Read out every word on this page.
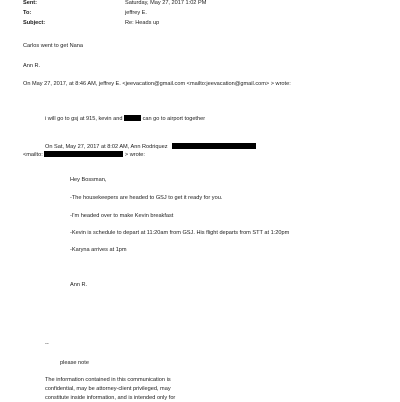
Sent:	Saturday, May 27, 2017 1:02 PM
To:	jeffrey E.
Subject:	Re: Heads up
Carlos went to get Nana
Ann R.
On May 27, 2017, at 8:46 AM, jeffrey E. <jeevacation@gmail.com <mailto:jeevacation@gmail.com> > wrote:
i will go to gsj at 915, kevin and	can go to airport together
On Sat, May 27, 2017 at 8:02 AM, Ann Rodriquez
<mailto:	> wrote:
Hey Bossman,
-The housekeepers are headed to GSJ to get it ready for you.
-I'm headed over to make Kevin breakfast
-Kevin is schedule to depart at 11:20am from GSJ. His flight departs from STT at 1:20pm
-Karyna arrives at 1pm
Ann R.
--
please note
The information contained in this communication is
confidential, may be attorney-client privileged, may
constitute inside information, and is intended only for
